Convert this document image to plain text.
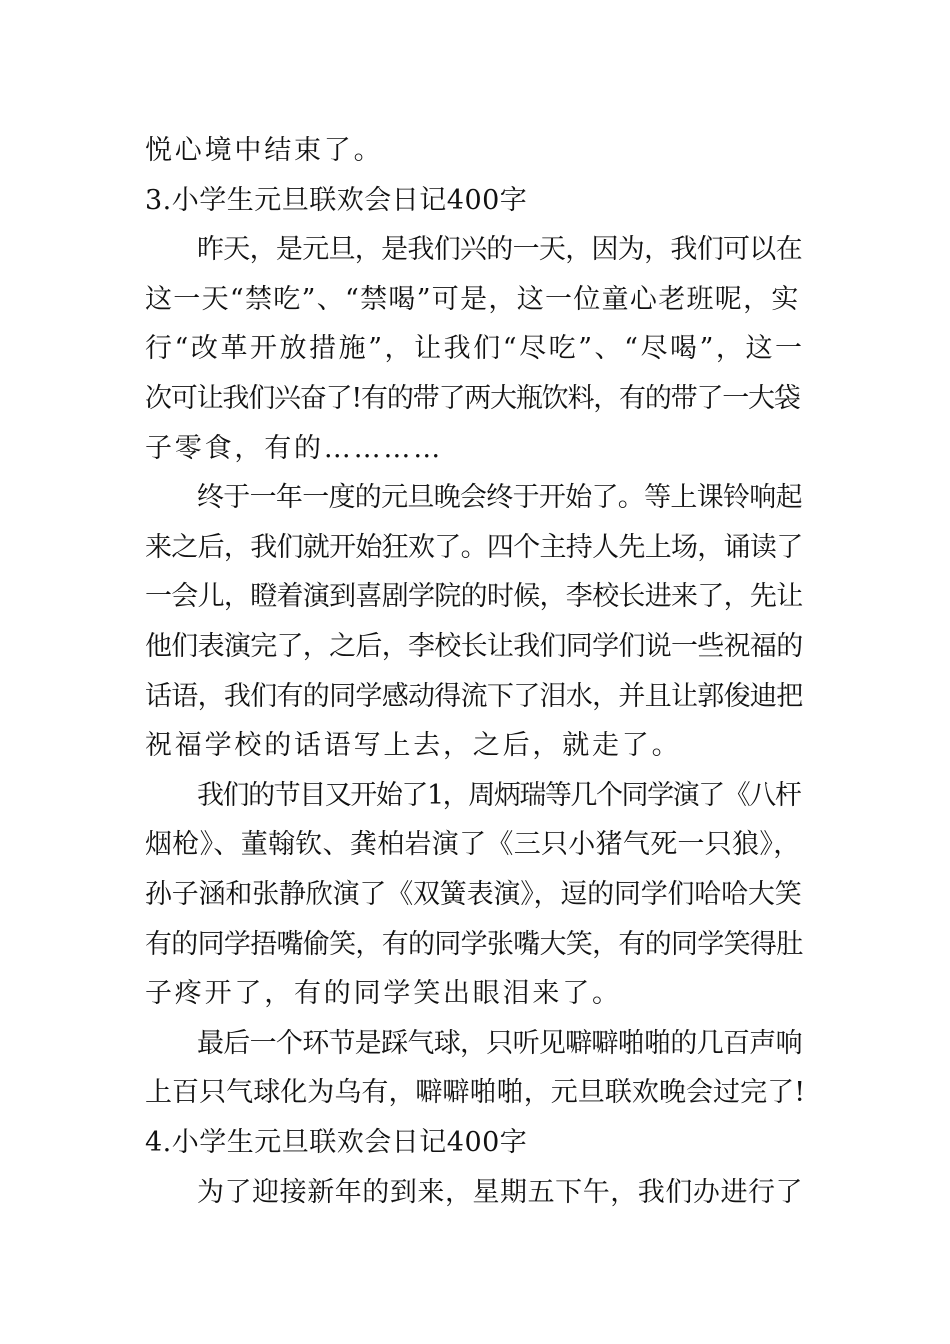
悦心境中结束了。
3.小学生元旦联欢会日记400字
昨天，是元旦，是我们兴的一天，因为，我们可以在
这一天“禁吃”、“禁喝”可是，这一位童心老班呢，实
行“改革开放措施”，让我们“尽吃”、“尽喝”，这一
次可让我们兴奋了!有的带了两大瓶饮料，有的带了一大袋
子零食，有的…………
终于一年一度的元旦晚会终于开始了。等上课铃响起
来之后，我们就开始狂欢了。四个主持人先上场，诵读了
一会儿，瞪着演到喜剧学院的时候，李校长进来了，先让
他们表演完了，之后，李校长让我们同学们说一些祝福的
话语，我们有的同学感动得流下了泪水，并且让郭俊迪把
祝福学校的话语写上去，之后，就走了。
我们的节目又开始了1，周炳瑞等几个同学演了《八杆
烟枪》、董翰钦、龚柏岩演了《三只小猪气死一只狼》，
孙子涵和张静欣演了《双簧表演》，逗的同学们哈哈大笑
有的同学捂嘴偷笑，有的同学张嘴大笑，有的同学笑得肚
子疼开了，有的同学笑出眼泪来了。
最后一个环节是踩气球，只听见噼噼啪啪的几百声响
上百只气球化为乌有，噼噼啪啪，元旦联欢晚会过完了!
4.小学生元旦联欢会日记400字
为了迎接新年的到来，星期五下午，我们办进行了
